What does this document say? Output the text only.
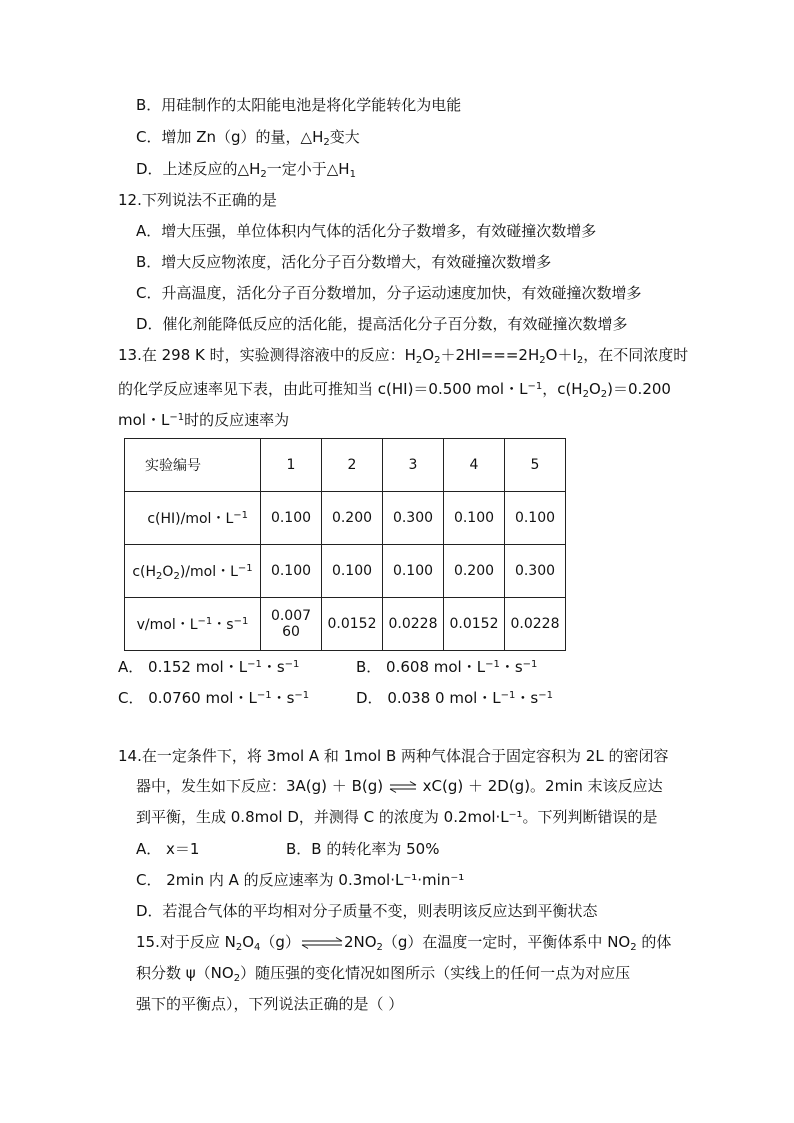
B．用硅制作的太阳能电池是将化学能转化为电能
C．增加 Zn（g）的量，$\triangle H_2$变大
D．上述反应的$\triangle H_2$一定小于$\triangle H_1$
12.下列说法不正确的是
A．增大压强，单位体积内气体的活化分子数增多，有效碰撞次数增多
B．增大反应物浓度，活化分子百分数增大，有效碰撞次数增多
C．升高温度，活化分子百分数增加，分子运动速度加快，有效碰撞次数增多
D．催化剂能降低反应的活化能，提高活化分子百分数，有效碰撞次数增多
13.在 298 K 时，实验测得溶液中的反应：$H_2O_2+2HI===2H_2O+I_2$，在不同浓度时
的化学反应速率见下表，由此可推知当 c(HI)＝0.500 mol・$L^{-1}$，$c(H_2O_2)=0.200$
mol・$L^{-1}$时的反应速率为
实验编号	1	2	3	4	5
c(HI)/mol・$L^{-1}$	0.100	0.200	0.300	0.100	0.100
$c(H_2O_2)$/mol・$L^{-1}$	0.100	0.100	0.100	0.200	0.300
v/mol・$L^{-1}$・$s^{-1}$	0.007 60	0.0152	0.0228	0.0152	0.0228
A． 0.152 mol・$L^{-1}$・$s^{-1}$	B． 0.608 mol・$L^{-1}$・$s^{-1}$
C． 0.0760 mol・$L^{-1}$・$s^{-1}$	D． 0.038 0 mol・$L^{-1}$・$s^{-1}$
14.在一定条件下，将 3mol A 和 1mol B 两种气体混合于固定容积为 2L 的密闭容
器中，发生如下反应：3A(g) ＋ B(g) ⇌ xC(g) ＋ 2D(g)。2min 末该反应达
到平衡，生成 0.8mol D，并测得 C 的浓度为 0.2mol·L⁻¹。下列判断错误的是
A． x＝1	B．B 的转化率为 50%
C． 2min 内 A 的反应速率为 0.3mol·L⁻¹·min⁻¹
D．若混合气体的平均相对分子质量不变，则表明该反应达到平衡状态
15.对于反应 $N_2O_4(g)\rightleftharpoons 2NO_2(g)$在温度一定时，平衡体系中 $NO_2$ 的体
积分数 $\psi(NO_2)$随压强的变化情况如图所示（实线上的任何一点为对应压
强下的平衡点），下列说法正确的是（ ）
